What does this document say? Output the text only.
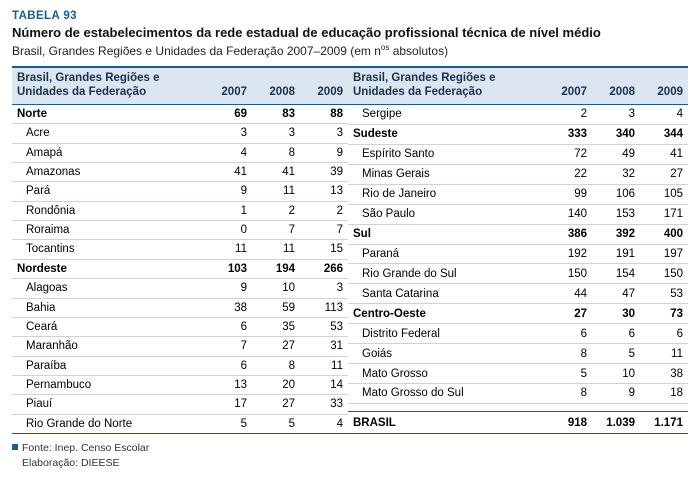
TABELA 93
Número de estabelecimentos da rede estadual de educação profissional técnica de nível médio
Brasil, Grandes Regiões e Unidades da Federação 2007–2009 (em $n^{os}$ absolutos)
Brasil, Grandes Regiões e Unidades da Federação	2007	2008	2009
Norte	69	83	88
Acre	3	3	3
Amapá	4	8	9
Amazonas	41	41	39
Pará	9	11	13
Rondônia	1	2	2
Roraima	0	7	7
Tocantins	11	11	15
Nordeste	103	194	266
Alagoas	9	10	3
Bahia	38	59	113
Ceará	6	35	53
Maranhão	7	27	31
Paraíba	6	8	11
Pernambuco	13	20	14
Piauí	17	27	33
Rio Grande do Norte	5	5	4
Brasil, Grandes Regiões e Unidades da Federação	2007	2008	2009
Sergipe	2	3	4
Sudeste	333	340	344
Espírito Santo	72	49	41
Minas Gerais	22	32	27
Rio de Janeiro	99	106	105
São Paulo	140	153	171
Sul	386	392	400
Paraná	192	191	197
Rio Grande do Sul	150	154	150
Santa Catarina	44	47	53
Centro-Oeste	27	30	73
Distrito Federal	6	6	6
Goiás	8	5	11
Mato Grosso	5	10	38
Mato Grosso do Sul	8	9	18

BRASIL	918	1.039	1.171
Fonte: Inep. Censo Escolar
Elaboração: DIEESE
